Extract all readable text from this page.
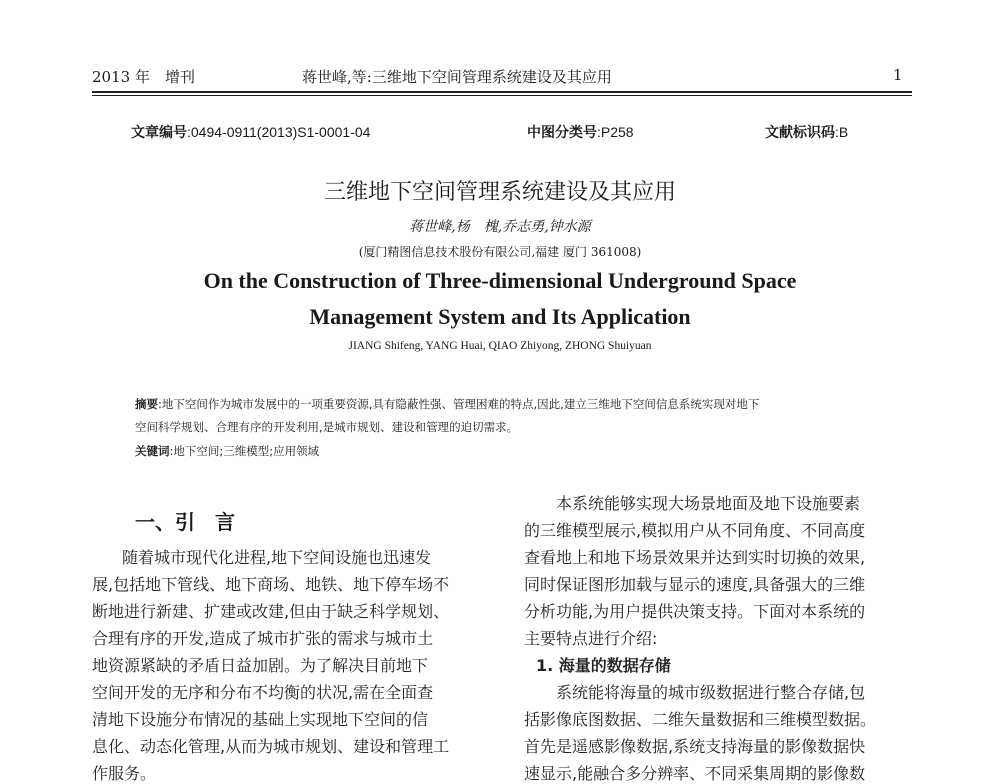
2013 年　增刊	蒋世峰,等:三维地下空间管理系统建设及其应用	1
文章编号:0494-0911(2013)S1-0001-04	中图分类号:P258	文献标识码:B
三维地下空间管理系统建设及其应用
蒋世峰,杨　槐,乔志勇,钟水源
(厦门精图信息技术股份有限公司,福建 厦门 361008)
On the Construction of Three-dimensional Underground Space
Management System and Its Application
JIANG Shifeng, YANG Huai, QIAO Zhiyong, ZHONG Shuiyuan
摘要:地下空间作为城市发展中的一项重要资源,具有隐蔽性强、管理困难的特点,因此,建立三维地下空间信息系统实现对地下
空间科学规划、合理有序的开发利用,是城市规划、建设和管理的迫切需求。
关键词:地下空间;三维模型;应用领域
一、引　言
随着城市现代化进程,地下空间设施也迅速发
展,包括地下管线、地下商场、地铁、地下停车场不
断地进行新建、扩建或改建,但由于缺乏科学规划、
合理有序的开发,造成了城市扩张的需求与城市土
地资源紧缺的矛盾日益加剧。为了解决目前地下
空间开发的无序和分布不均衡的状况,需在全面查
清地下设施分布情况的基础上实现地下空间的信
息化、动态化管理,从而为城市规划、建设和管理工
作服务。
本系统能够实现大场景地面及地下设施要素
的三维模型展示,模拟用户从不同角度、不同高度
查看地上和地下场景效果并达到实时切换的效果,
同时保证图形加载与显示的速度,具备强大的三维
分析功能,为用户提供决策支持。下面对本系统的
主要特点进行介绍:
1. 海量的数据存储
系统能将海量的城市级数据进行整合存储,包
括影像底图数据、二维矢量数据和三维模型数据。
首先是遥感影像数据,系统支持海量的影像数据快
速显示,能融合多分辨率、不同采集周期的影像数
